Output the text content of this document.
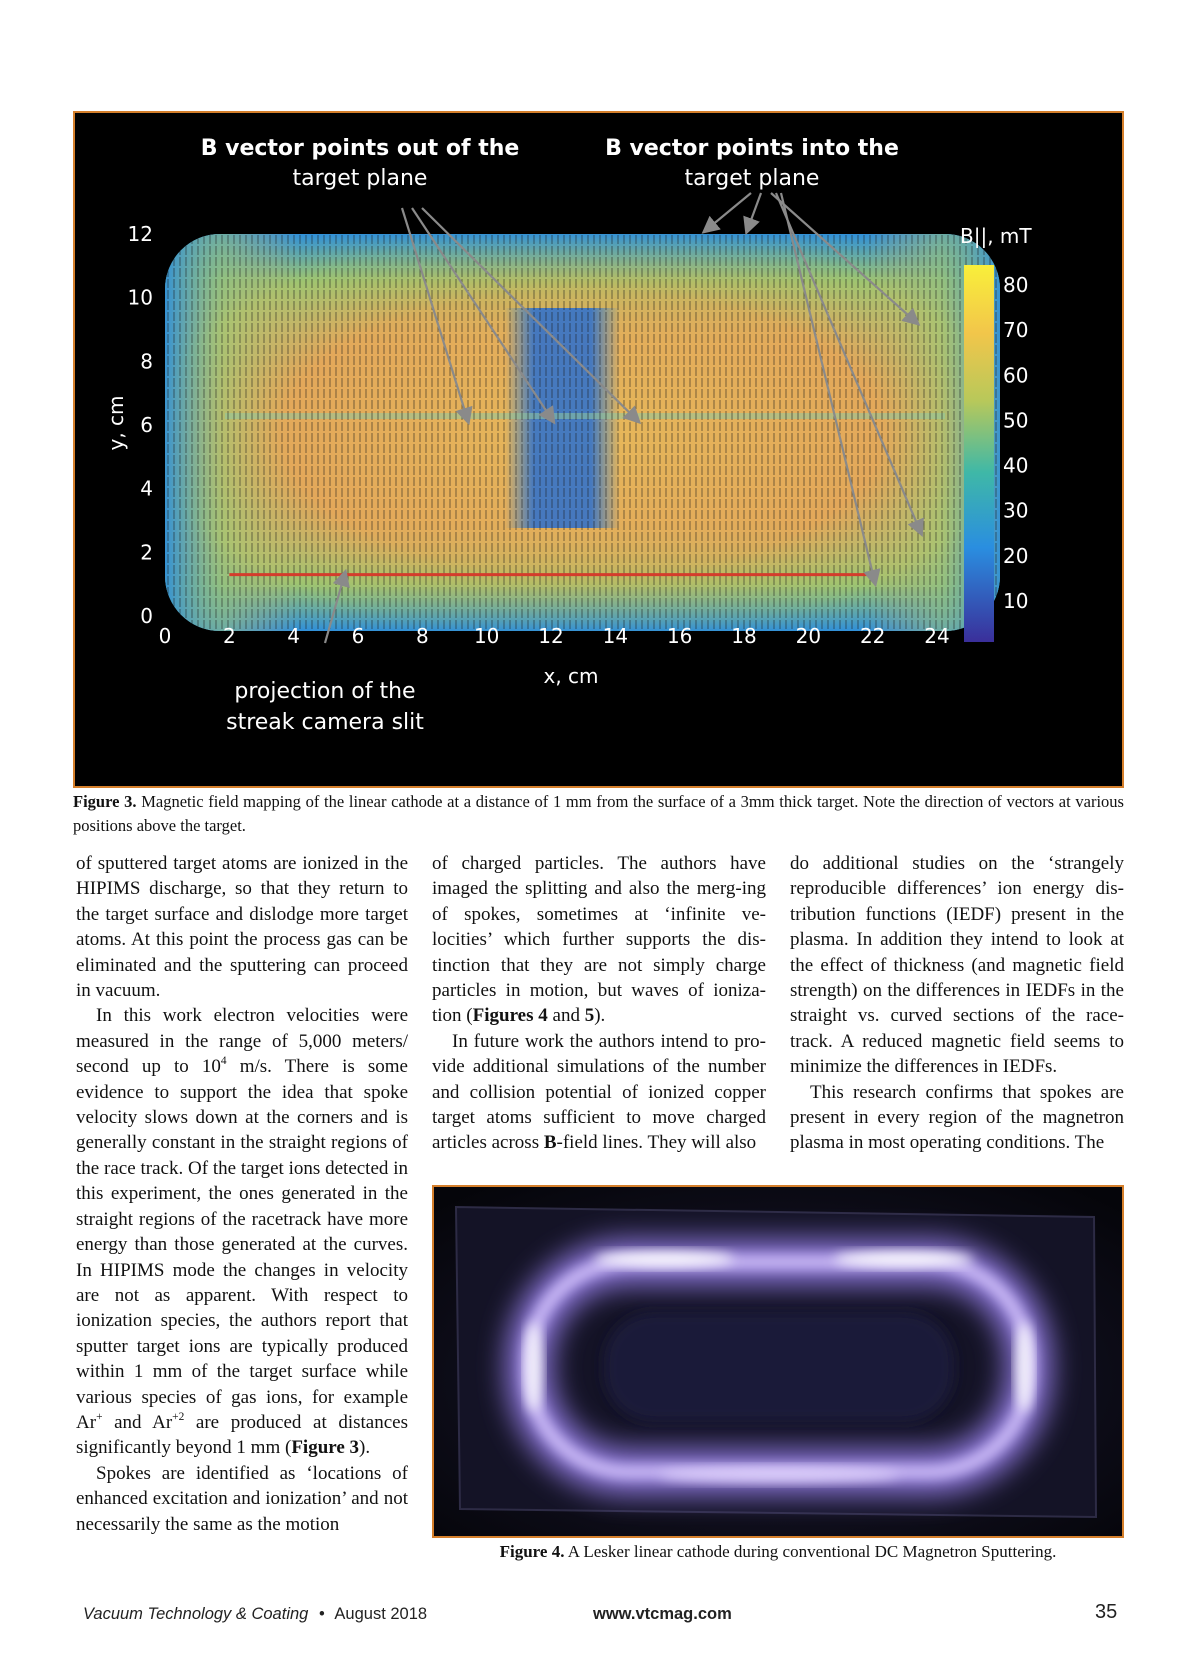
B vector points out of the
target plane
B vector points into the
target plane
projection of the
streak camera slit
x, cm
y, cm
0	2	4	6	8 10 12 14 16 18 20 22 24
0
2
4
6
8
10
12	B||, mT
80
70
60
50
40
30
20
10

Figure 3. Magnetic field mapping of the linear cathode at a distance of 1 mm from the surface of a 3mm thick target. Note the direction of vectors at various positions above the target.

of sputtered target atoms are ionized in the HIPIMS discharge, so that they return to the target surface and dislodge more target atoms. At this point the process gas can be eliminated and the sputtering can proceed in vacuum.

In this work electron velocities were measured in the range of 5,000 meters/ second up to $10^4$ m/s. There is some evidence to support the idea that spoke velocity slows down at the corners and is generally constant in the straight regions of the race track. Of the target ions detected in this experiment, the ones generated in the straight regions of the racetrack have more energy than those generated at the curves. In HIPIMS mode the changes in velocity are not as apparent. With respect to ionization species, the authors report that sputter target ions are typically produced within 1 mm of the target surface while various species of gas ions, for example Ar+ and $Ar^{+2}$ are produced at distances significantly beyond 1 mm (Figure 3).

Spokes are identified as ‘locations of enhanced excitation and ionization’ and not necessarily the same as the motion

of charged particles. The authors have imaged the splitting and also the merg-ing of spokes, sometimes at ‘infinite ve-locities’ which further supports the dis-tinction that they are not simply charge particles in motion, but waves of ioniza-tion (Figures 4 and 5).

In future work the authors intend to pro-vide additional simulations of the number and collision potential of ionized copper target atoms sufficient to move charged articles across B-field lines. They will also

do additional studies on the ‘strangely reproducible differences’ ion energy dis-tribution functions (IEDF) present in the plasma. In addition they intend to look at the effect of thickness (and magnetic field strength) on the differences in IEDFs in the straight vs. curved sections of the race-track. A reduced magnetic field seems to minimize the differences in IEDFs.

This research confirms that spokes are present in every region of the magnetron plasma in most operating conditions. The

Figure 4. A Lesker linear cathode during conventional DC Magnetron Sputtering.

Vacuum Technology & Coating • August 2018	www.vtcmag.com	35
